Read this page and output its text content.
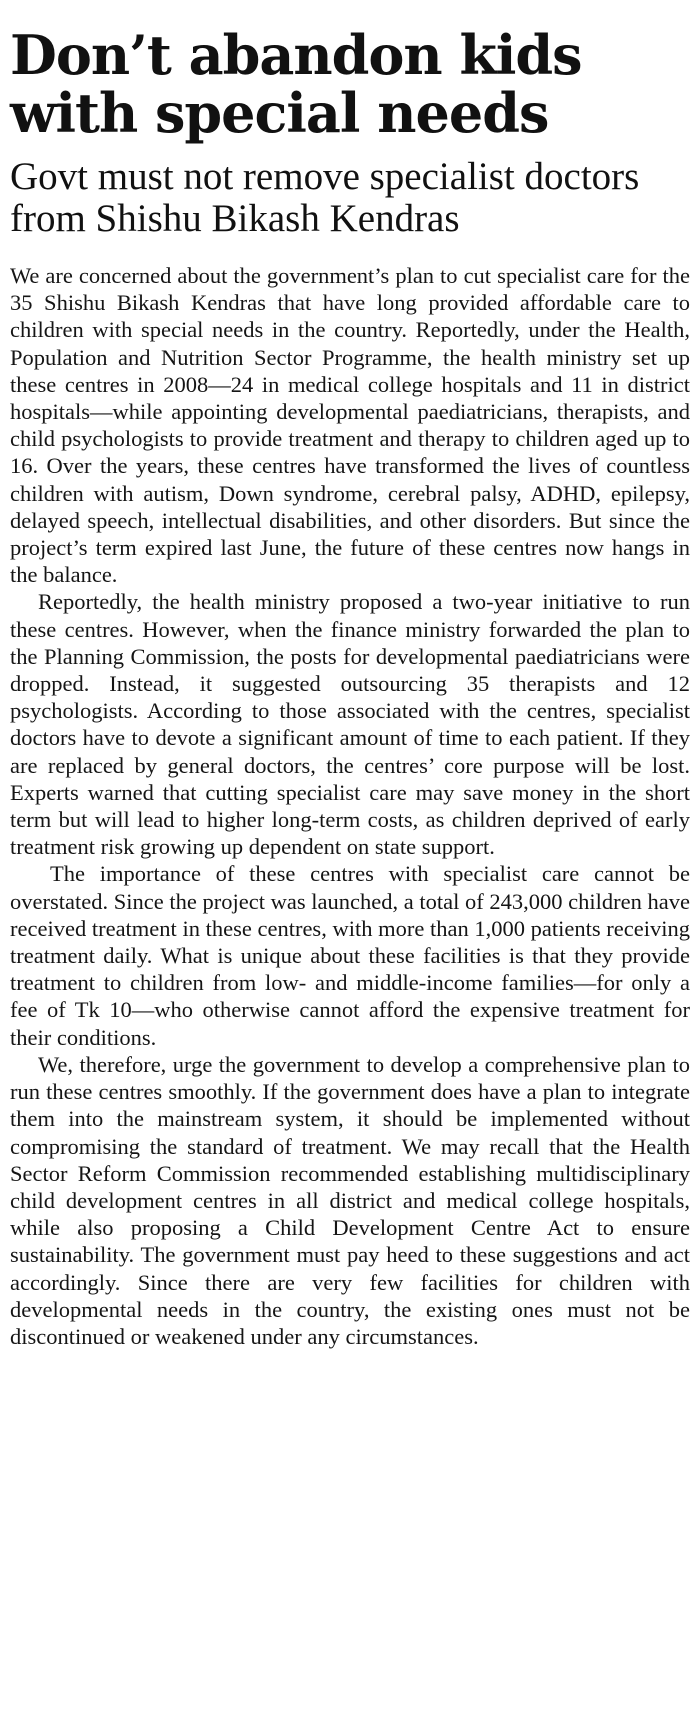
Don’t abandon kids with special needs
Govt must not remove specialist doctors from Shishu Bikash Kendras

We are concerned about the government’s plan to cut specialist care for the 35 Shishu Bikash Kendras that have long provided affordable care to children with special needs in the country. Reportedly, under the Health, Population and Nutrition Sector Programme, the health ministry set up these centres in 2008—24 in medical college hospitals and 11 in district hospitals—while appointing developmental paediatricians, therapists, and child psychologists to provide treatment and therapy to children aged up to 16. Over the years, these centres have transformed the lives of countless children with autism, Down syndrome, cerebral palsy, ADHD, epilepsy, delayed speech, intellectual disabilities, and other disorders. But since the project’s term expired last June, the future of these centres now hangs in the balance.

Reportedly, the health ministry proposed a two-year initiative to run these centres. However, when the finance ministry forwarded the plan to the Planning Commission, the posts for developmental paediatricians were dropped. Instead, it suggested outsourcing 35 therapists and 12 psychologists. According to those associated with the centres, specialist doctors have to devote a significant amount of time to each patient. If they are replaced by general doctors, the centres’ core purpose will be lost. Experts warned that cutting specialist care may save money in the short term but will lead to higher long-term costs, as children deprived of early treatment risk growing up dependent on state support.

The importance of these centres with specialist care cannot be overstated. Since the project was launched, a total of 243,000 children have received treatment in these centres, with more than 1,000 patients receiving treatment daily. What is unique about these facilities is that they provide treatment to children from low- and middle-income families—for only a fee of Tk 10—who otherwise cannot afford the expensive treatment for their conditions.

We, therefore, urge the government to develop a comprehensive plan to run these centres smoothly. If the government does have a plan to integrate them into the mainstream system, it should be implemented without compromising the standard of treatment. We may recall that the Health Sector Reform Commission recommended establishing multidisciplinary child development centres in all district and medical college hospitals, while also proposing a Child Development Centre Act to ensure sustainability. The government must pay heed to these suggestions and act accordingly. Since there are very few facilities for children with developmental needs in the country, the existing ones must not be discontinued or weakened under any circumstances.
